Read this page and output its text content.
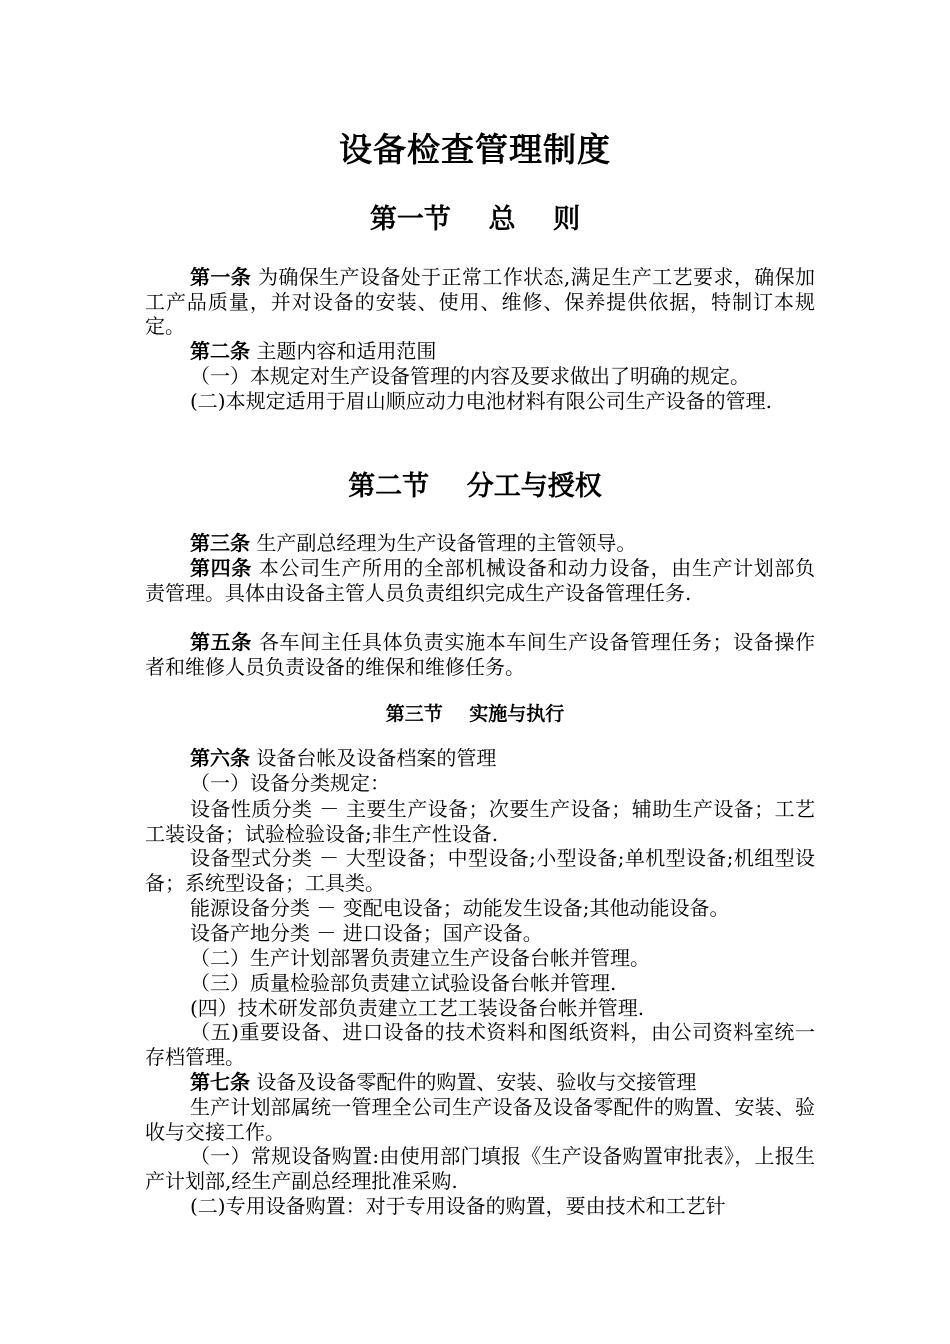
设备检查管理制度
第一节    总    则
第一条 为确保生产设备处于正常工作状态,满足生产工艺要求，确保加工产品质量，并对设备的安装、使用、维修、保养提供依据，特制订本规定。
第二条 主题内容和适用范围
（一）本规定对生产设备管理的内容及要求做出了明确的规定。
(二)本规定适用于眉山顺应动力电池材料有限公司生产设备的管理.
第二节    分工与授权
第三条 生产副总经理为生产设备管理的主管领导。
第四条 本公司生产所用的全部机械设备和动力设备，由生产计划部负责管理。具体由设备主管人员负责组织完成生产设备管理任务.
第五条 各车间主任具体负责实施本车间生产设备管理任务；设备操作者和维修人员负责设备的维保和维修任务。
第三节    实施与执行
第六条 设备台帐及设备档案的管理
（一）设备分类规定：
设备性质分类 － 主要生产设备；次要生产设备；辅助生产设备；工艺工装设备；试验检验设备;非生产性设备.
设备型式分类 － 大型设备；中型设备;小型设备;单机型设备;机组型设备；系统型设备；工具类。
能源设备分类 － 变配电设备；动能发生设备;其他动能设备。
设备产地分类 － 进口设备；国产设备。
（二）生产计划部署负责建立生产设备台帐并管理。
（三）质量检验部负责建立试验设备台帐并管理.
(四）技术研发部负责建立工艺工装设备台帐并管理.
（五)重要设备、进口设备的技术资料和图纸资料，由公司资料室统一存档管理。
第七条 设备及设备零配件的购置、安装、验收与交接管理
生产计划部属统一管理全公司生产设备及设备零配件的购置、安装、验收与交接工作。
（一）常规设备购置:由使用部门填报《生产设备购置审批表》，上报生产计划部,经生产副总经理批准采购.
(二)专用设备购置：对于专用设备的购置，要由技术和工艺针
